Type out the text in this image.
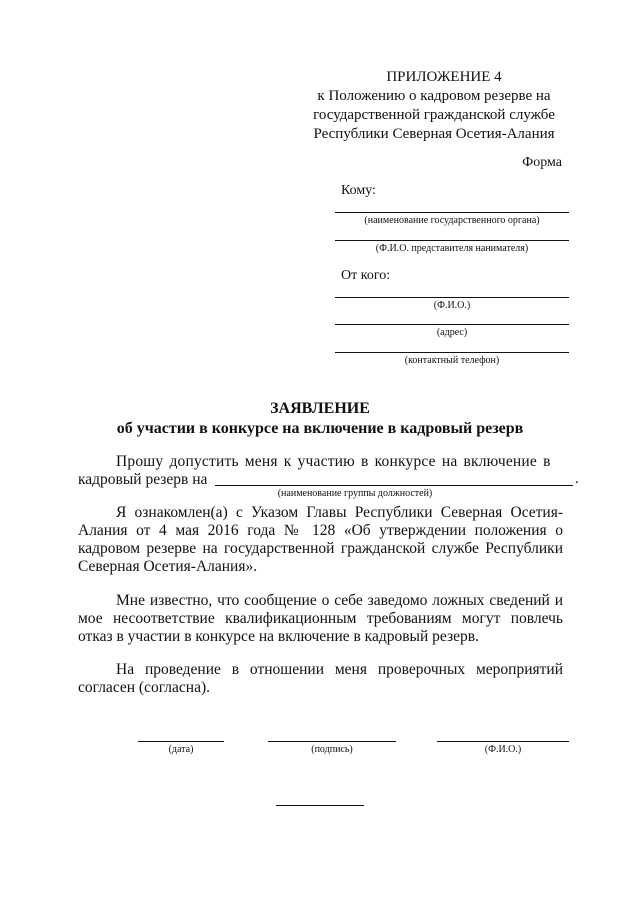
ПРИЛОЖЕНИЕ 4
к Положению о кадровом резерве на
государственной гражданской службе
Республики Северная Осетия-Алания
Форма
Кому:
(наименование государственного органа)
(Ф.И.О. представителя нанимателя)
От кого:
(Ф.И.О.)
(адрес)
(контактный телефон)
ЗАЯВЛЕНИЕ
об участии в конкурсе на включение в кадровый резерв
Прошу допустить меня к участию в конкурсе на включение в
кадровый резерв на	.
(наименование группы должностей)
Я ознакомлен(а) с Указом Главы Республики Северная Осетия-Алания от 4 мая 2016 года № 128 «Об утверждении положения о кадровом резерве на государственной гражданской службе Республики Северная Осетия-Алания».
Мне известно, что сообщение о себе заведомо ложных сведений и мое несоответствие квалификационным требованиям могут повлечь отказ в участии в конкурсе на включение в кадровый резерв.
На проведение в отношении меня проверочных мероприятий согласен (согласна).
(дата)	(подпись)	(Ф.И.О.)
